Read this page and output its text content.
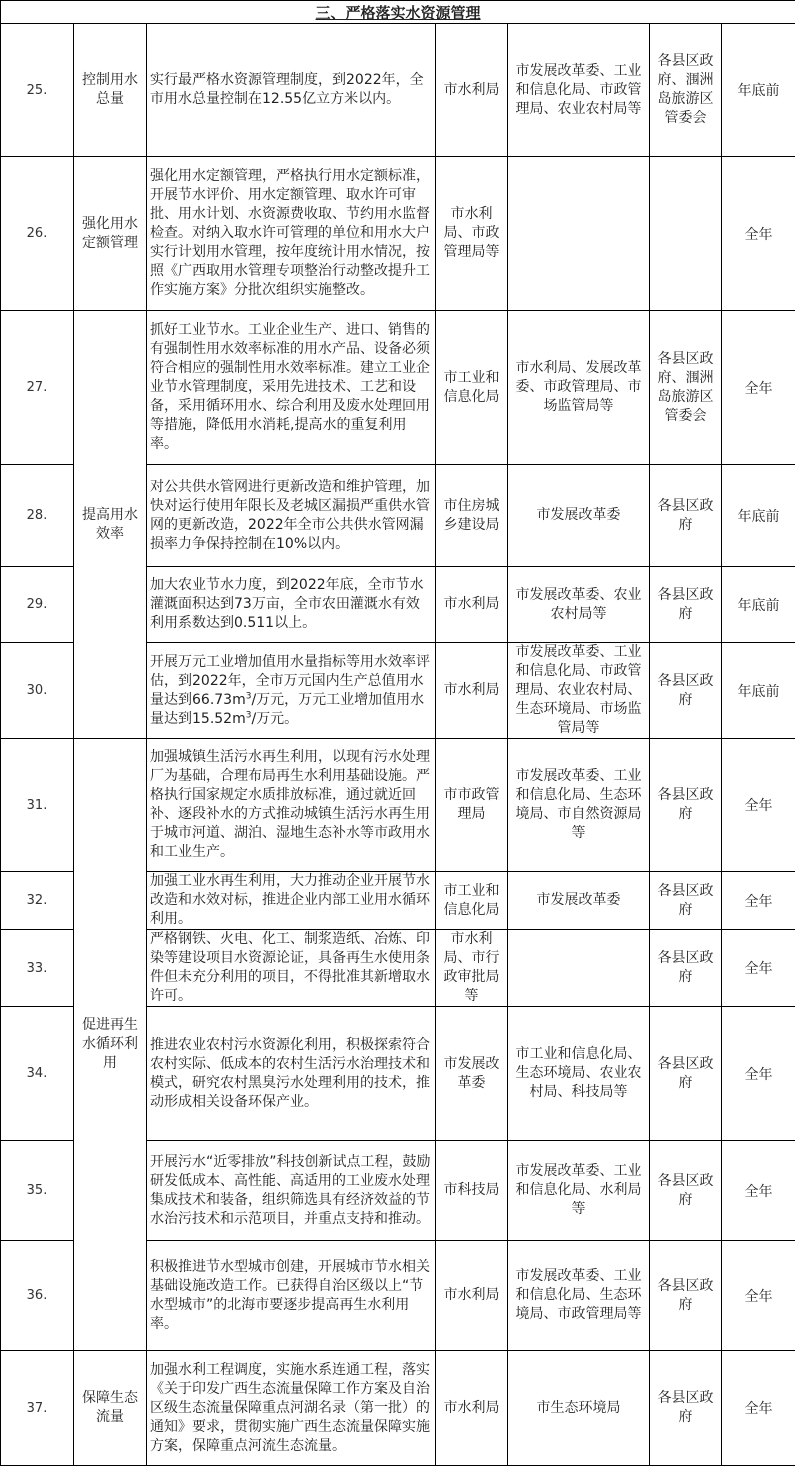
三、严格落实水资源管理						
25.	控制用水总量	实行最严格水资源管理制度，到2022年，全市用水总量控制在12.55亿立方米以内。	市水利局	市发展改革委、工业和信息化局、市政管理局、农业农村局等	各县区政府、涠洲岛旅游区管委会	年底前
26.	强化用水定额管理	强化用水定额管理，严格执行用水定额标准，开展节水评价、用水定额管理、取水许可审批、用水计划、水资源费收取、节约用水监督检查。对纳入取水许可管理的单位和用水大户实行计划用水管理，按年度统计用水情况，按照《广西取用水管理专项整治行动整改提升工作实施方案》分批次组织实施整改。	市水利局、市政管理局等			全年
27.	提高用水效率	抓好工业节水。工业企业生产、进口、销售的有强制性用水效率标准的用水产品、设备必须符合相应的强制性用水效率标准。建立工业企业节水管理制度，采用先进技术、工艺和设备，采用循环用水、综合利用及废水处理回用等措施，降低用水消耗,提高水的重复利用率。	市工业和信息化局	市水利局、发展改革委、市政管理局、市场监管局等	各县区政府、涠洲岛旅游区管委会	全年
28.		对公共供水管网进行更新改造和维护管理，加快对运行使用年限长及老城区漏损严重供水管网的更新改造，2022年全市公共供水管网漏损率力争保持控制在10%以内。	市住房城乡建设局	市发展改革委	各县区政府	年底前
29.		加大农业节水力度，到2022年底，全市节水灌溉面积达到73万亩，全市农田灌溉水有效利用系数达到0.511以上。	市水利局	市发展改革委、农业农村局等	各县区政府	年底前
30.		开展万元工业增加值用水量指标等用水效率评估，到2022年，全市万元国内生产总值用水量达到$66.73m^3/$万元，万元工业增加值用水量达到$15.52m^3/$万元。	市水利局	市发展改革委、工业和信息化局、市政管理局、农业农村局、生态环境局、市场监管局等	各县区政府	年底前
31.	促进再生水循环利用	加强城镇生活污水再生利用，以现有污水处理厂为基础，合理布局再生水利用基础设施。严格执行国家规定水质排放标准，通过就近回补、逐段补水的方式推动城镇生活污水再生用于城市河道、湖泊、湿地生态补水等市政用水和工业生产。	市市政管理局	市发展改革委、工业和信息化局、生态环境局、市自然资源局等	各县区政府	全年
32.		加强工业水再生利用，大力推动企业开展节水改造和水效对标，推进企业内部工业用水循环利用。	市工业和信息化局	市发展改革委	各县区政府	全年
33.		严格钢铁、火电、化工、制浆造纸、冶炼、印染等建设项目水资源论证，具备再生水使用条件但未充分利用的项目，不得批准其新增取水许可。	市水利局、市行政审批局等		各县区政府	全年
34.		推进农业农村污水资源化利用，积极探索符合农村实际、低成本的农村生活污水治理技术和模式，研究农村黑臭污水处理利用的技术，推动形成相关设备环保产业。	市发展改革委	市工业和信息化局、生态环境局、农业农村局、科技局等	各县区政府	全年
35.		开展污水“近零排放”科技创新试点工程，鼓励研发低成本、高性能、高适用的工业废水处理集成技术和装备，组织筛选具有经济效益的节水治污技术和示范项目，并重点支持和推动。	市科技局	市发展改革委、工业和信息化局、水利局等	各县区政府	全年
36.		积极推进节水型城市创建，开展城市节水相关基础设施改造工作。已获得自治区级以上“节水型城市”的北海市要逐步提高再生水利用率。	市水利局	市发展改革委、工业和信息化局、生态环境局、市政管理局等	各县区政府	全年
37.	保障生态流量	加强水利工程调度，实施水系连通工程，落实《关于印发广西生态流量保障工作方案及自治区级生态流量保障重点河湖名录（第一批）的通知》要求，贯彻实施广西生态流量保障实施方案，保障重点河流生态流量。	市水利局	市生态环境局	各县区政府	全年
